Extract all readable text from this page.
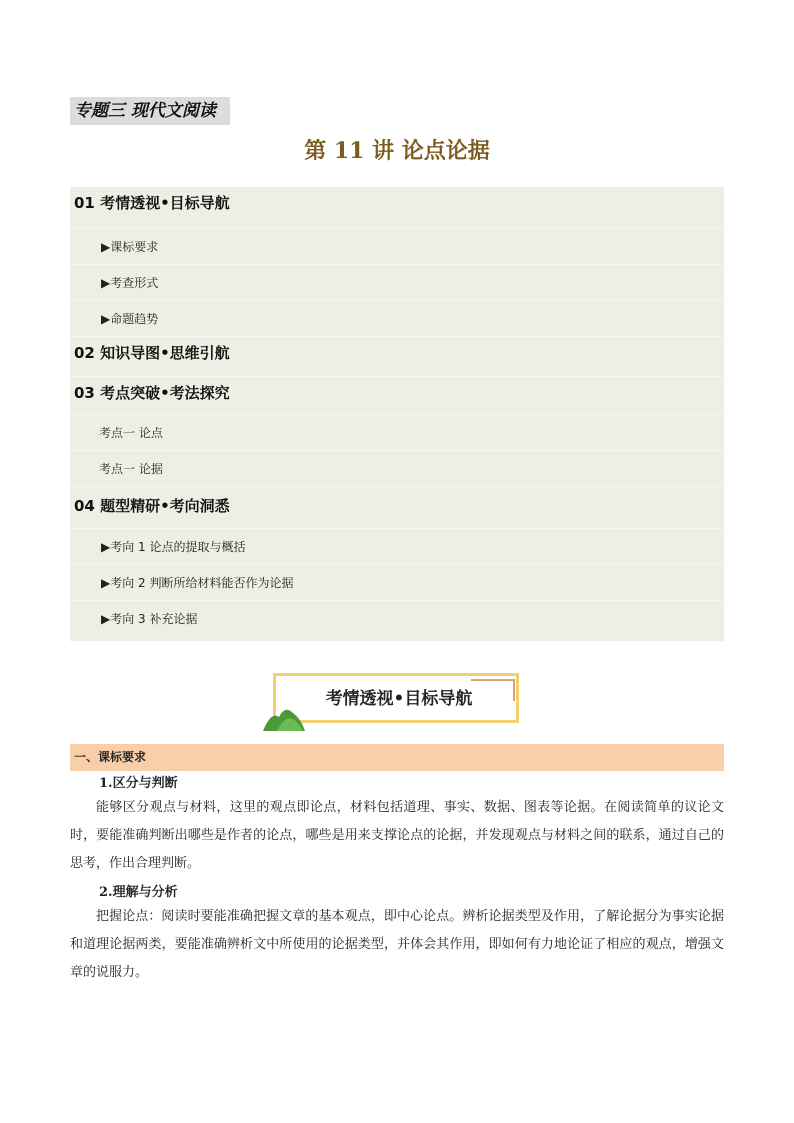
专题三 现代文阅读
第 11 讲 论点论据
01 考情透视•目标导航
▶课标要求
▶考查形式
▶命题趋势
02 知识导图•思维引航
03 考点突破•考法探究
考点一 论点
考点一 论据
04 题型精研•考向洞悉
▶考向 1 论点的提取与概括
▶考向 2 判断所给材料能否作为论据
▶考向 3 补充论据
考情透视•目标导航
一、课标要求
1.区分与判断

能够区分观点与材料，这里的观点即论点，材料包括道理、事实、数据、图表等论据。在阅读简单的议论文时，要能准确判断出哪些是作者的论点，哪些是用来支撑论点的论据，并发现观点与材料之间的联系，通过自己的思考，作出合理判断。

2.理解与分析

把握论点：阅读时要能准确把握文章的基本观点，即中心论点。辨析论据类型及作用，了解论据分为事实论据和道理论据两类，要能准确辨析文中所使用的论据类型，并体会其作用，即如何有力地论证了相应的观点，增强文章的说服力。
